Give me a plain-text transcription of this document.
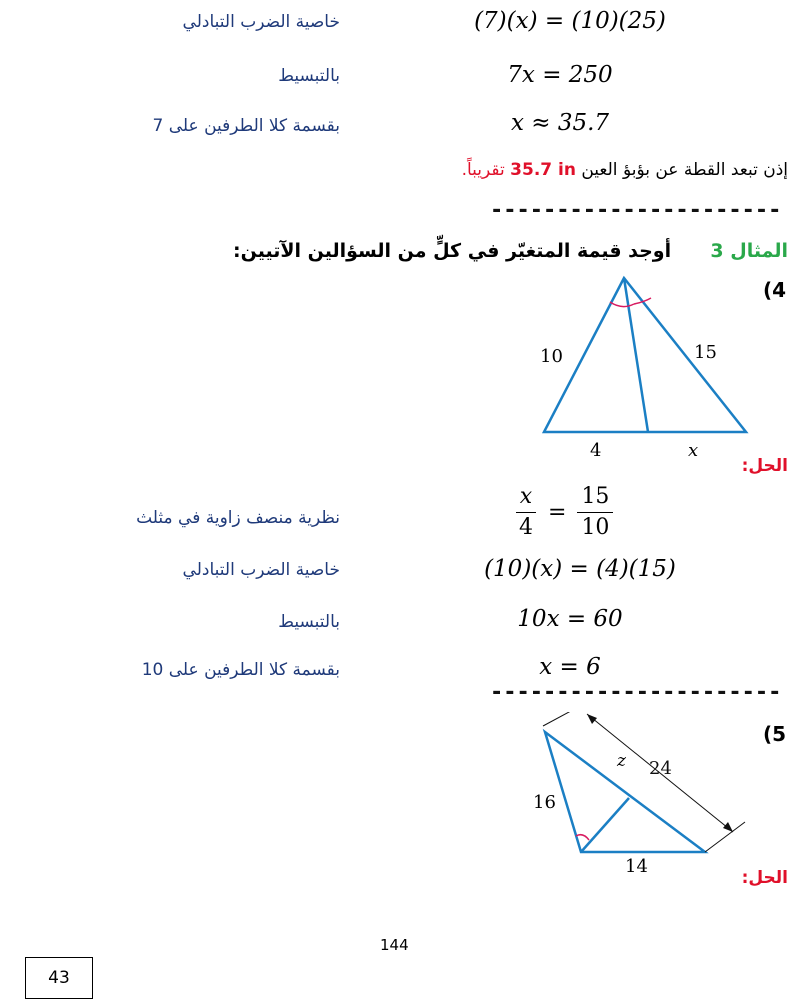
خاصية الضرب التبادلي	(7)(x) = (10)(25)
بالتبسيط	7x = 250
بقسمة كلا الطرفين على 7	x ≈ 35.7
إذن تبعد القطة عن بؤبؤ العين 35.7 in تقريباً.
----------------------
المثال 3  أوجد قيمة المتغيّر في كلٍّ من السؤالين الآتيين:
(4
10	15
4	x
الحل:
نظرية منصف زاوية في مثلث	$\frac{x}{4} = \frac{15}{10}$
خاصية الضرب التبادلي	(10)(x) = (4)(15)
بالتبسيط	10x = 60
بقسمة كلا الطرفين على 10	x = 6
----------------------
(5
z 24
16
14
الحل:
144
43
